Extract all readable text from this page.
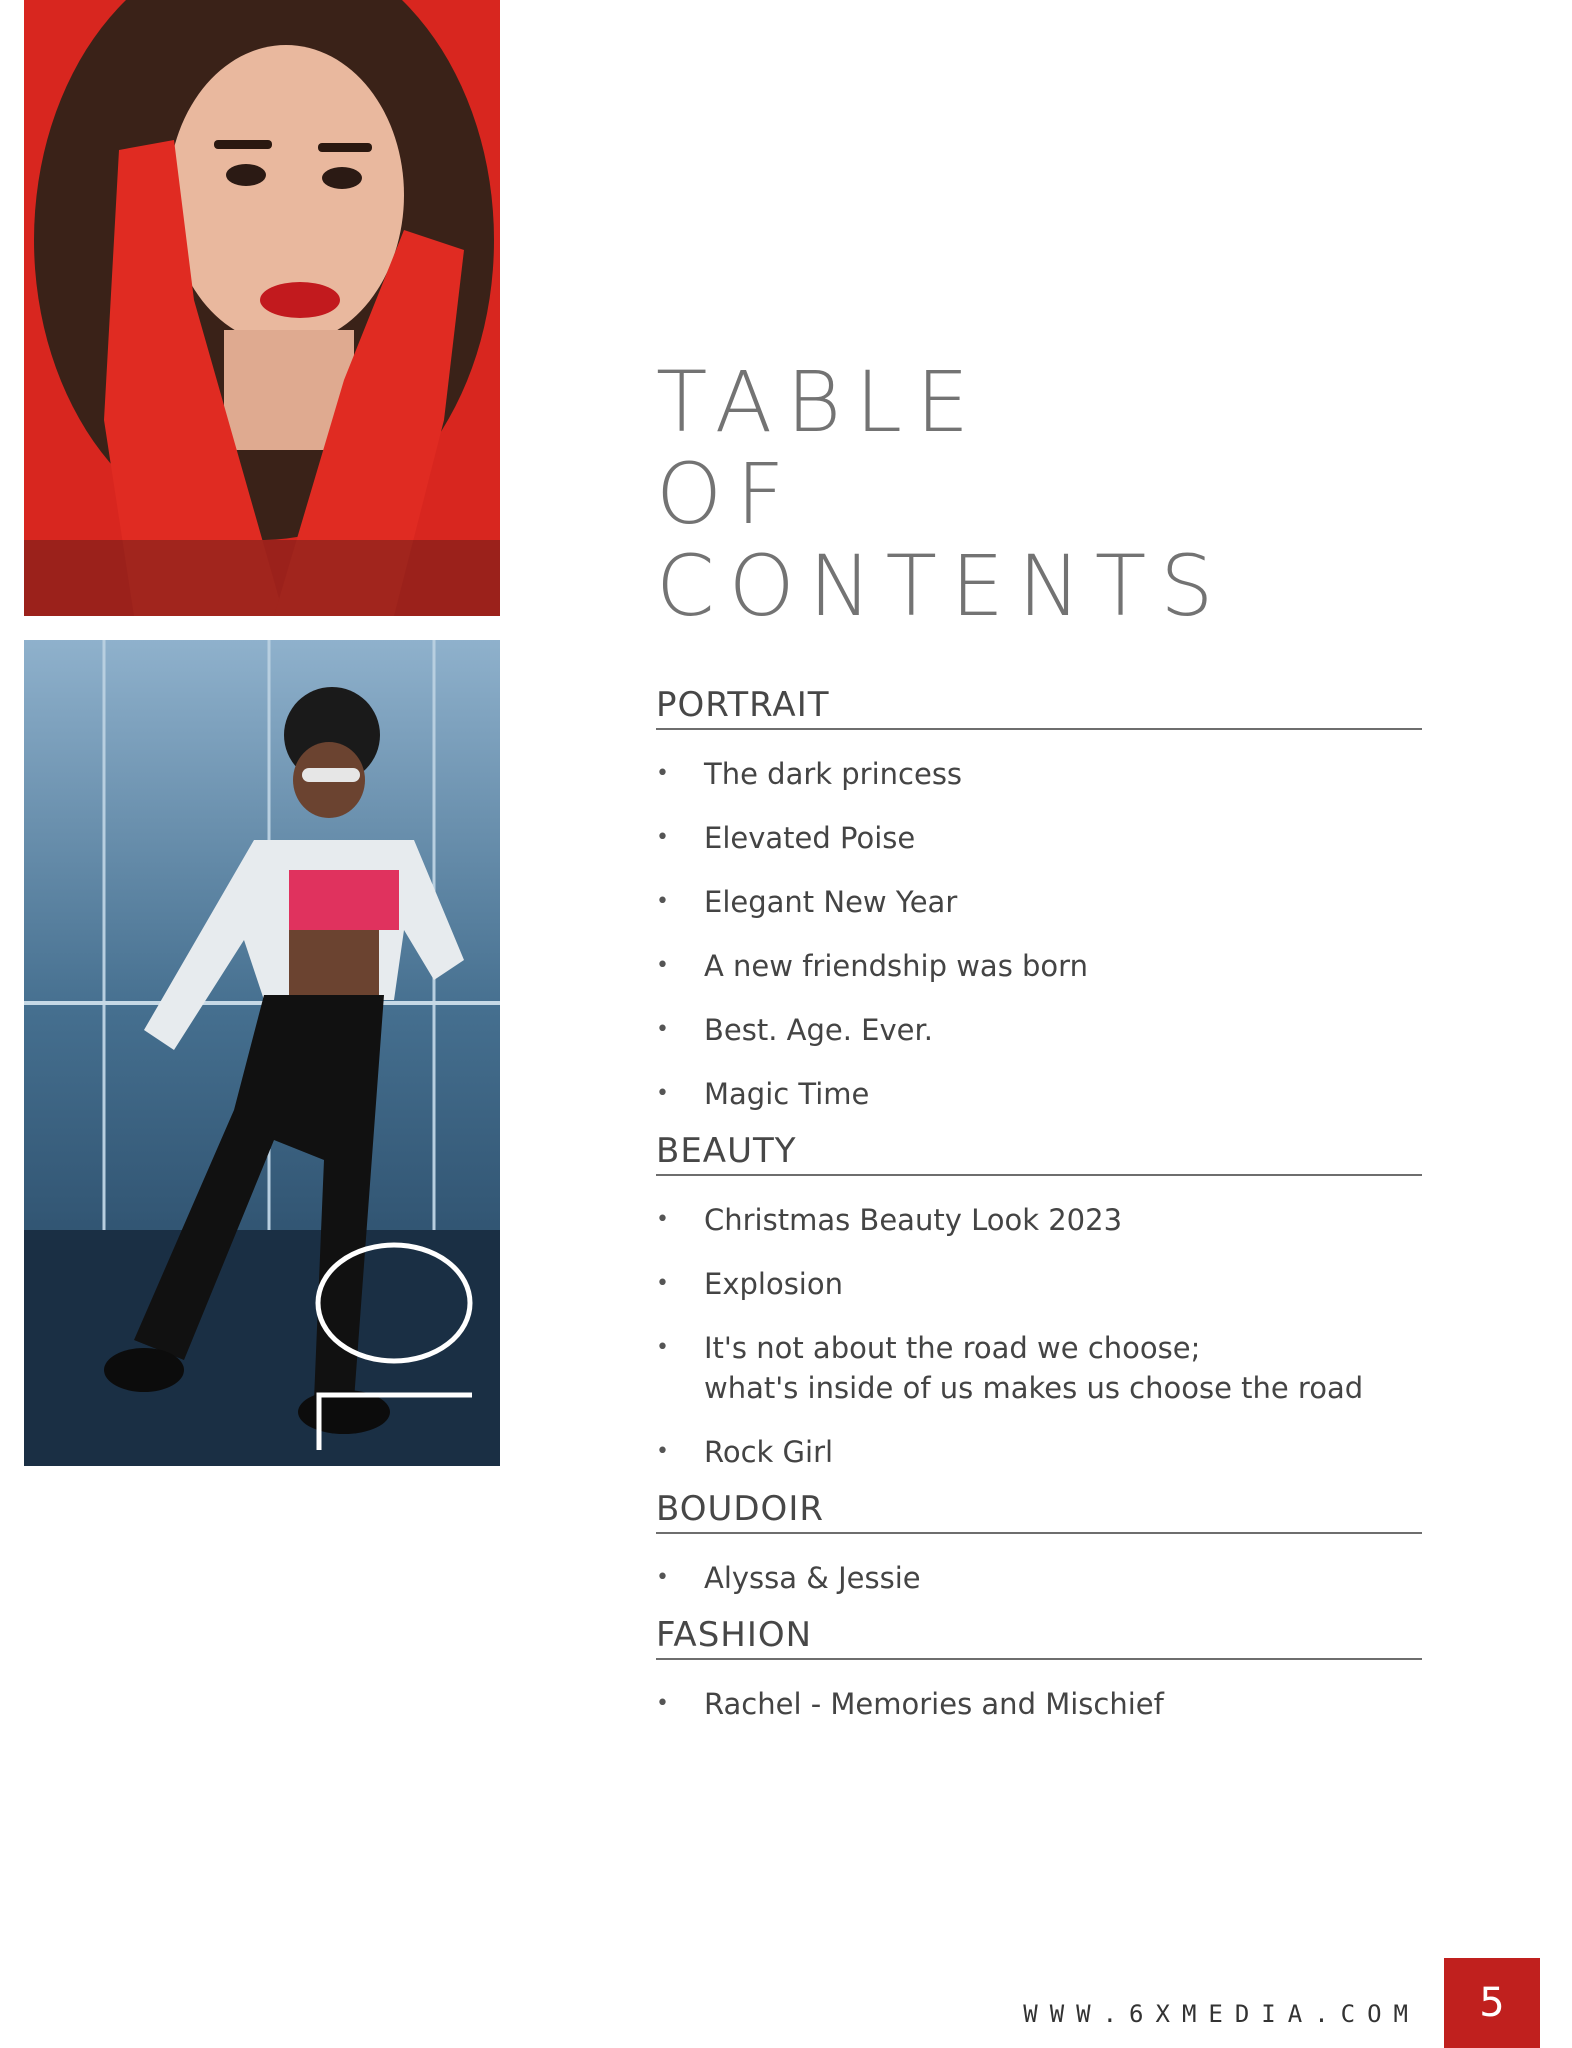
TABLE
OF
CONTENTS
PORTRAIT
• The dark princess
• Elevated Poise
• Elegant New Year
• A new friendship was born
• Best. Age. Ever.
• Magic Time
BEAUTY
• Christmas Beauty Look 2023
• Explosion
• It's not about the road we choose;
what's inside of us makes us choose the road
• Rock Girl
BOUDOIR
• Alyssa & Jessie
FASHION
• Rachel - Memories and Mischief
WWW.6XMEDIA.COM 5
